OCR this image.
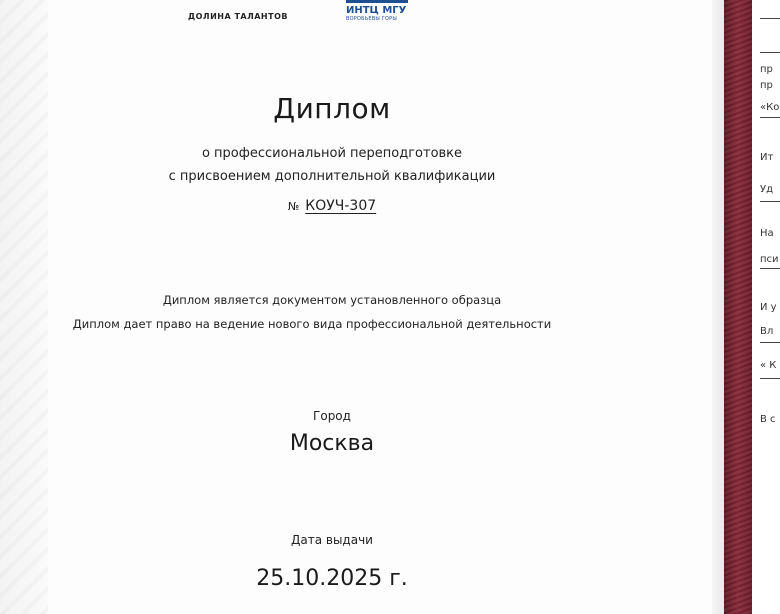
ДОЛИНА ТАЛАНТОВ
ИНТЦ МГУ
ВОРОБЬЕВЫ ГОРЫ
Диплом
о профессиональной переподготовке
с присвоением дополнительной квалификации
№ КОУЧ-307
Диплом является документом установленного образца
Диплом дает право на ведение нового вида профессиональной деятельности
Город
Москва
Дата выдачи
25.10.2025 г.
пр
пр
«Ко
Ит
Уд
На
пси
И у
Вл
« К
В с
